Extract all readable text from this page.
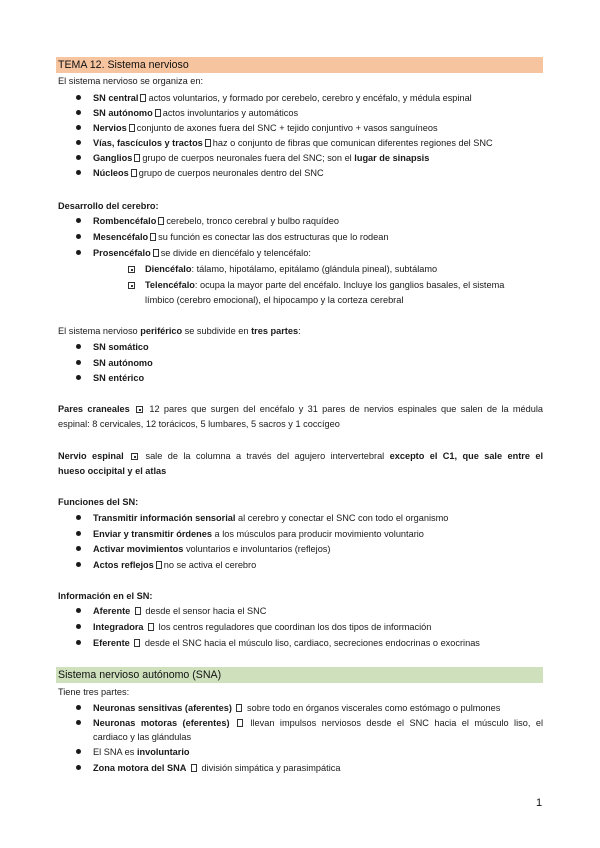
TEMA 12. Sistema nervioso
El sistema nervioso se organiza en:
SN central actos voluntarios, y formado por cerebelo, cerebro y encéfalo, y médula espinal
SN autónomo actos involuntarios y automáticos
Nervios conjunto de axones fuera del SNC + tejido conjuntivo + vasos sanguíneos
Vías, fascículos y tractos haz o conjunto de fibras que comunican diferentes regiones del SNC
Ganglios grupo de cuerpos neuronales fuera del SNC; son el lugar de sinapsis
Núcleos grupo de cuerpos neuronales dentro del SNC
Desarrollo del cerebro:
Rombencéfalo cerebelo, tronco cerebral y bulbo raquídeo
Mesencéfalo su función es conectar las dos estructuras que lo rodean
Prosencéfalo se divide en diencéfalo y telencéfalo:
Diencéfalo: tálamo, hipotálamo, epitálamo (glándula pineal), subtálamo
Telencéfalo: ocupa la mayor parte del encéfalo. Incluye los ganglios basales, el sistema
límbico (cerebro emocional), el hipocampo y la corteza cerebral
El sistema nervioso periférico se subdivide en tres partes:
SN somático
SN autónomo
SN entérico
Pares craneales 12 pares que surgen del encéfalo y 31 pares de nervios espinales que salen de la médula
espinal: 8 cervicales, 12 torácicos, 5 lumbares, 5 sacros y 1 coccígeo
Nervio espinal sale de la columna a través del agujero intervertebral excepto el C1, que sale entre el
hueso occipital y el atlas
Funciones del SN:
Transmitir información sensorial al cerebro y conectar el SNC con todo el organismo
Enviar y transmitir órdenes a los músculos para producir movimiento voluntario
Activar movimientos voluntarios e involuntarios (reflejos)
Actos reflejos no se activa el cerebro
Información en el SN:
Aferente desde el sensor hacia el SNC
Integradora los centros reguladores que coordinan los dos tipos de información
Eferente desde el SNC hacia el músculo liso, cardiaco, secreciones endocrinas o exocrinas
Sistema nervioso autónomo (SNA)
Tiene tres partes:
Neuronas sensitivas (aferentes) sobre todo en órganos viscerales como estómago o pulmones
Neuronas motoras (eferentes) llevan impulsos nerviosos desde el SNC hacia el músculo liso, el
cardiaco y las glándulas
El SNA es involuntario
Zona motora del SNA división simpática y parasimpática
1
